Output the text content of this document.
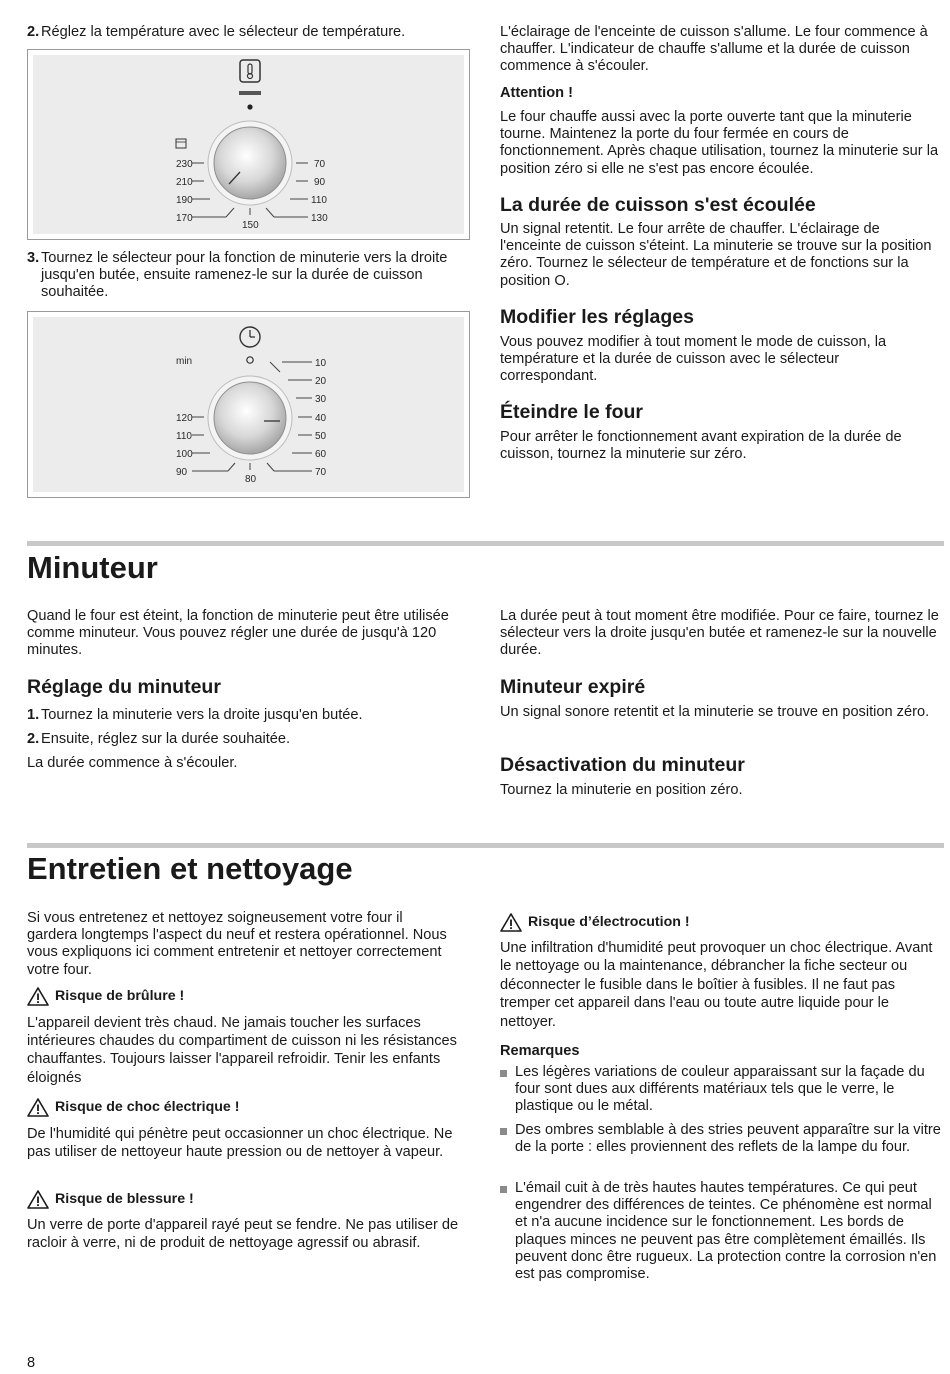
2. Réglez la température avec le sélecteur de température.
230
210
190
170
70
90
110
130
150
3. Tournez le sélecteur pour la fonction de minuterie vers la droite jusqu'en butée, ensuite ramenez-le sur la durée de cuisson souhaitée.
min
120
110
100
90
10
20
30
40
50
60
70
80

L'éclairage de l'enceinte de cuisson s'allume. Le four commence à chauffer. L'indicateur de chauffe s'allume et la durée de cuisson commence à s'écouler.

Attention !

Le four chauffe aussi avec la porte ouverte tant que la minuterie tourne. Maintenez la porte du four fermée en cours de fonctionnement. Après chaque utilisation, tournez la minuterie sur la position zéro si elle ne s'est pas encore écoulée.

La durée de cuisson s'est écoulée

Un signal retentit. Le four arrête de chauffer. L'éclairage de l'enceinte de cuisson s'éteint. La minuterie se trouve sur la position zéro. Tournez le sélecteur de température et de fonctions sur la position O.

Modifier les réglages

Vous pouvez modifier à tout moment le mode de cuisson, la température et la durée de cuisson avec le sélecteur correspondant.

Éteindre le four

Pour arrêter le fonctionnement avant expiration de la durée de cuisson, tournez la minuterie sur zéro.

Minuteur

Quand le four est éteint, la fonction de minuterie peut être utilisée comme minuteur. Vous pouvez régler une durée de jusqu'à 120 minutes.

Réglage du minuteur
1. Tournez la minuterie vers la droite jusqu'en butée.
2. Ensuite, réglez sur la durée souhaitée.

La durée commence à s'écouler.

La durée peut à tout moment être modifiée. Pour ce faire, tournez le sélecteur vers la droite jusqu'en butée et ramenez-le sur la nouvelle durée.

Minuteur expiré

Un signal sonore retentit et la minuterie se trouve en position zéro.

Désactivation du minuteur

Tournez la minuterie en position zéro.

Entretien et nettoyage

Si vous entretenez et nettoyez soigneusement votre four il gardera longtemps l'aspect du neuf et restera opérationnel. Nous vous expliquons ici comment entretenir et nettoyer correctement votre four.

Risque de brûlure !

L'appareil devient très chaud. Ne jamais toucher les surfaces intérieures chaudes du compartiment de cuisson ni les résistances chauffantes. Toujours laisser l'appareil refroidir. Tenir les enfants éloignés

Risque de choc électrique !

De l'humidité qui pénètre peut occasionner un choc électrique. Ne pas utiliser de nettoyeur haute pression ou de nettoyer à vapeur.

Risque de blessure !

Un verre de porte d'appareil rayé peut se fendre. Ne pas utiliser de racloir à verre, ni de produit de nettoyage agressif ou abrasif.

Risque d’électrocution !

Une infiltration d'humidité peut provoquer un choc électrique. Avant le nettoyage ou la maintenance, débrancher la fiche secteur ou déconnecter le fusible dans le boîtier à fusibles. Il ne faut pas tremper cet appareil dans l'eau ou toute autre liquide pour le nettoyer.

Remarques
Les légères variations de couleur apparaissant sur la façade du four sont dues aux différents matériaux tels que le verre, le plastique ou le métal.
Des ombres semblable à des stries peuvent apparaître sur la vitre de la porte : elles proviennent des reflets de la lampe du four.
L'émail cuit à de très hautes hautes températures. Ce qui peut engendrer des différences de teintes. Ce phénomène est normal et n'a aucune incidence sur le fonctionnement. Les bords de plaques minces ne peuvent pas être complètement émaillés. Ils peuvent donc être rugueux. La protection contre la corrosion n'en est pas compromise.
8
